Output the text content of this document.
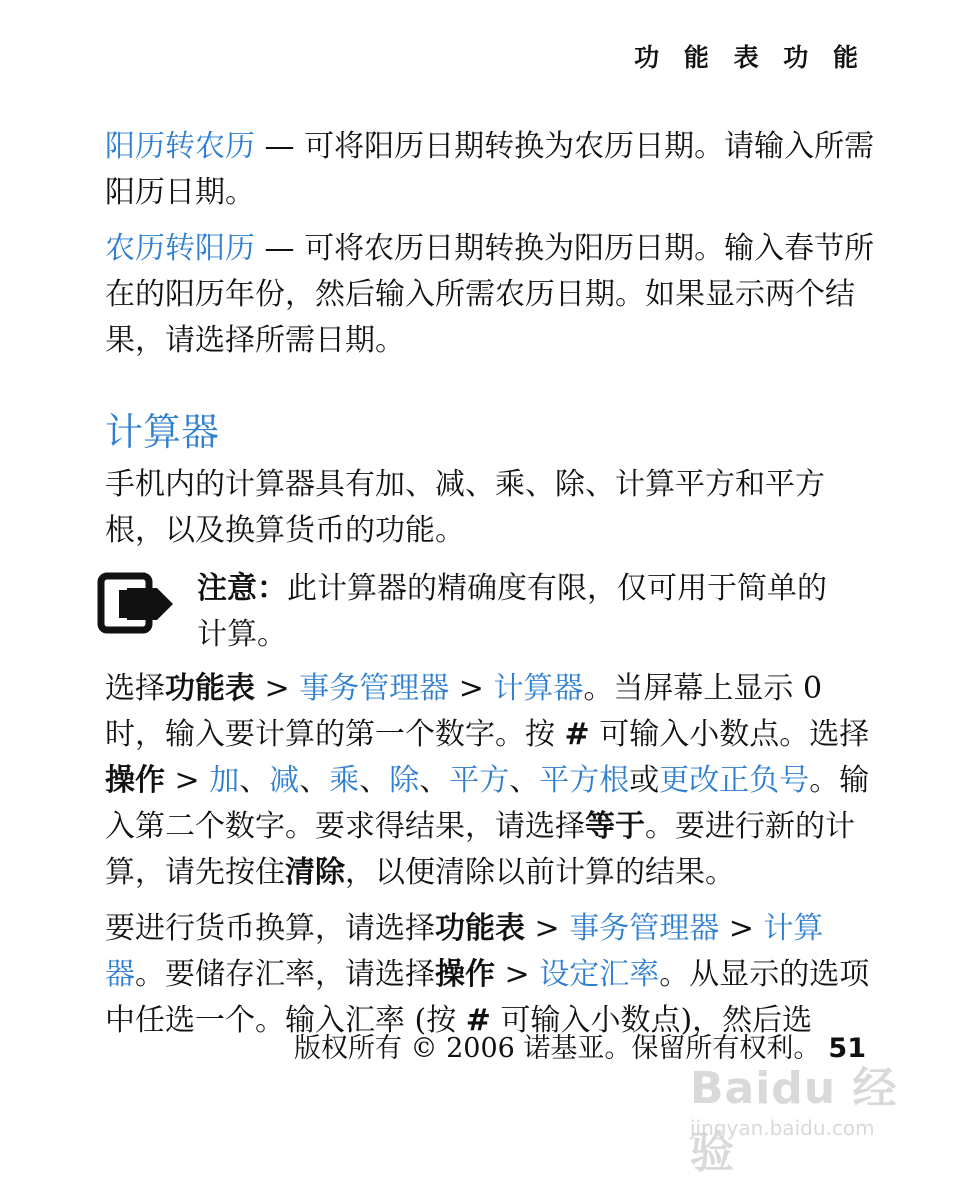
功 能 表 功 能

阳历转农历 — 可将阳历日期转换为农历日期。请输入所需阳历日期。

农历转阳历 — 可将农历日期转换为阳历日期。输入春节所在的阳历年份，然后输入所需农历日期。如果显示两个结果，请选择所需日期。

计算器

手机内的计算器具有加、减、乘、除、计算平方和平方根，以及换算货币的功能。

注意：此计算器的精确度有限，仅可用于简单的计算。

选择功能表 > 事务管理器 > 计算器。当屏幕上显示 0 时，输入要计算的第一个数字。按 # 可输入小数点。选择操作 > 加、减、乘、除、平方、平方根或更改正负号。输入第二个数字。要求得结果，请选择等于。要进行新的计算，请先按住清除，以便清除以前计算的结果。

要进行货币换算，请选择功能表 > 事务管理器 > 计算器。要储存汇率，请选择操作 > 设定汇率。从显示的选项中任选一个。输入汇率 (按 # 可输入小数点)，然后选

版权所有 © 2006 诺基亚。保留所有权利。 51
Baidu 经验
jingyan.baidu.com
